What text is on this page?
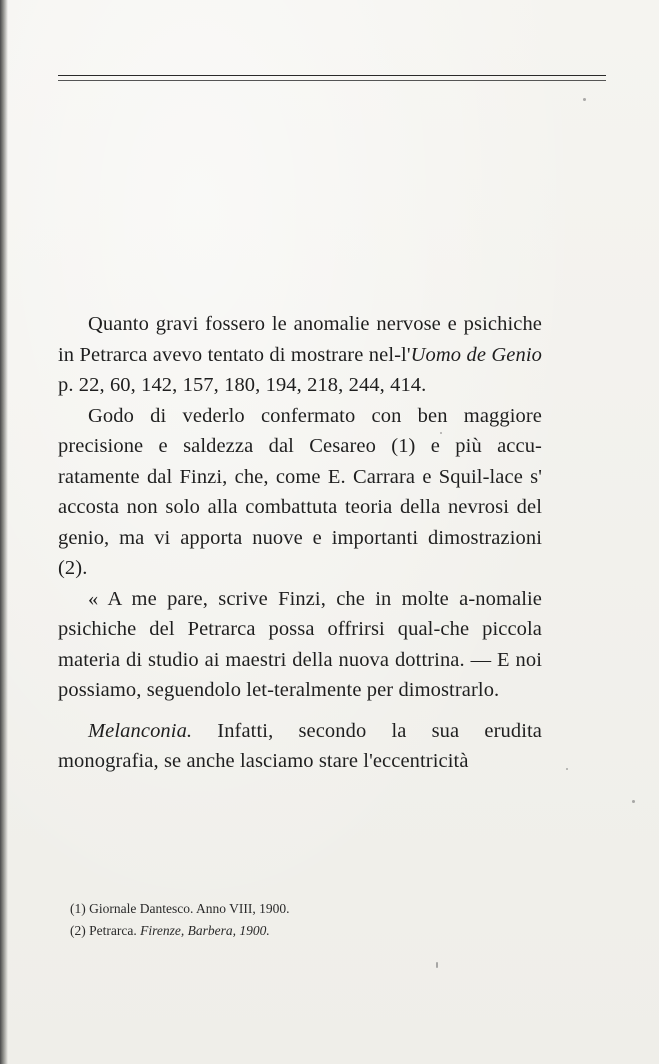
Quanto gravi fossero le anomalie nervose e psichiche in Petrarca avevo tentato di mostrare nel-l'Uomo de Genio p. 22, 60, 142, 157, 180, 194, 218, 244, 414.

Godo di vederlo confermato con ben maggiore precisione e saldezza dal Cesareo (1) e più accu-ratamente dal Finzi, che, come E. Carrara e Squil-lace s' accosta non solo alla combattuta teoria della nevrosi del genio, ma vi apporta nuove e importanti dimostrazioni (2).

« A me pare, scrive Finzi, che in molte a-nomalie psichiche del Petrarca possa offrirsi qual-che piccola materia di studio ai maestri della nuova dottrina. — E noi possiamo, seguendolo let-teralmente per dimostrarlo.

Melanconia. Infatti, secondo la sua erudita monografia, se anche lasciamo stare l'eccentricità

(1) Giornale Dantesco. Anno VIII, 1900.
(2) Petrarca. Firenze, Barbera, 1900.
